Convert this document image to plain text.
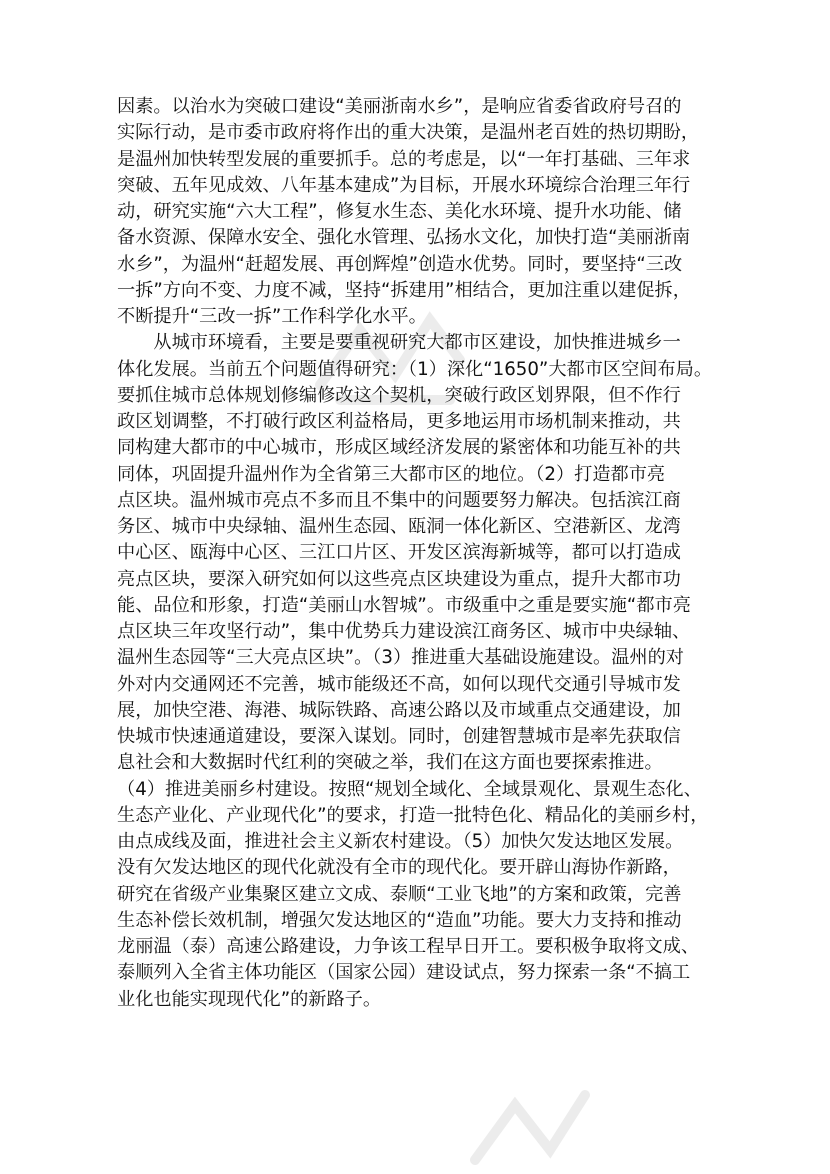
因素。以治水为突破口建设“美丽浙南水乡”，是响应省委省政府号召的
实际行动，是市委市政府将作出的重大决策，是温州老百姓的热切期盼，
是温州加快转型发展的重要抓手。总的考虑是，以“一年打基础、三年求
突破、五年见成效、八年基本建成”为目标，开展水环境综合治理三年行
动，研究实施“六大工程”，修复水生态、美化水环境、提升水功能、储
备水资源、保障水安全、强化水管理、弘扬水文化，加快打造“美丽浙南
水乡”，为温州“赶超发展、再创辉煌”创造水优势。同时，要坚持“三改
一拆”方向不变、力度不减，坚持“拆建用”相结合，更加注重以建促拆，
不断提升“三改一拆”工作科学化水平。
　　从城市环境看，主要是要重视研究大都市区建设，加快推进城乡一
体化发展。当前五个问题值得研究：（1）深化“1650”大都市区空间布局。
要抓住城市总体规划修编修改这个契机，突破行政区划界限，但不作行
政区划调整，不打破行政区利益格局，更多地运用市场机制来推动，共
同构建大都市的中心城市，形成区域经济发展的紧密体和功能互补的共
同体，巩固提升温州作为全省第三大都市区的地位。（2）打造都市亮
点区块。温州城市亮点不多而且不集中的问题要努力解决。包括滨江商
务区、城市中央绿轴、温州生态园、瓯洞一体化新区、空港新区、龙湾
中心区、瓯海中心区、三江口片区、开发区滨海新城等，都可以打造成
亮点区块，要深入研究如何以这些亮点区块建设为重点，提升大都市功
能、品位和形象，打造“美丽山水智城”。市级重中之重是要实施“都市亮
点区块三年攻坚行动”，集中优势兵力建设滨江商务区、城市中央绿轴、
温州生态园等“三大亮点区块”。（3）推进重大基础设施建设。温州的对
外对内交通网还不完善，城市能级还不高，如何以现代交通引导城市发
展，加快空港、海港、城际铁路、高速公路以及市域重点交通建设，加
快城市快速通道建设，要深入谋划。同时，创建智慧城市是率先获取信
息社会和大数据时代红利的突破之举，我们在这方面也要探索推进。
（4）推进美丽乡村建设。按照“规划全域化、全域景观化、景观生态化、
生态产业化、产业现代化”的要求，打造一批特色化、精品化的美丽乡村，
由点成线及面，推进社会主义新农村建设。（5）加快欠发达地区发展。
没有欠发达地区的现代化就没有全市的现代化。要开辟山海协作新路，
研究在省级产业集聚区建立文成、泰顺“工业飞地”的方案和政策，完善
生态补偿长效机制，增强欠发达地区的“造血”功能。要大力支持和推动
龙丽温（泰）高速公路建设，力争该工程早日开工。要积极争取将文成、
泰顺列入全省主体功能区（国家公园）建设试点，努力探索一条“不搞工
业化也能实现现代化”的新路子。
